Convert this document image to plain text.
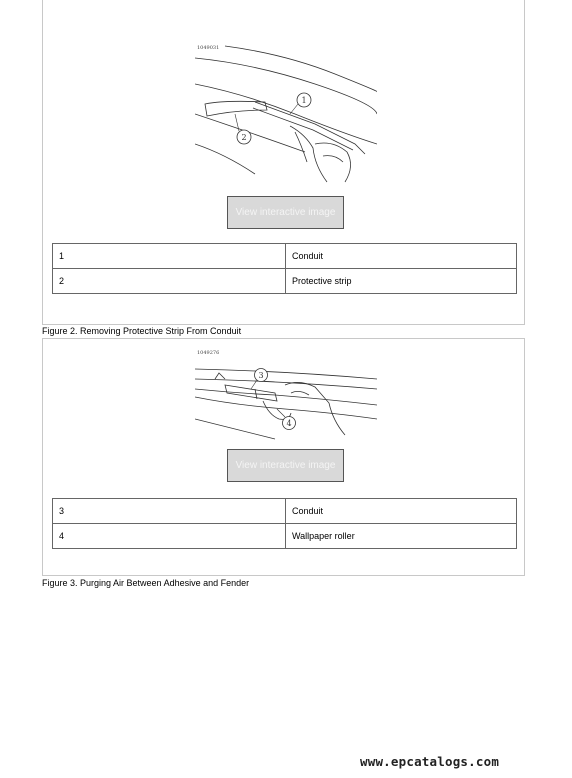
1049031
1
2
View interactive image
1	Conduit
2	Protective strip
Figure 2. Removing Protective Strip From Conduit
1049276
3
4
View interactive image
3	Conduit
4	Wallpaper roller
Figure 3. Purging Air Between Adhesive and Fender
www.epcatalogs.com
